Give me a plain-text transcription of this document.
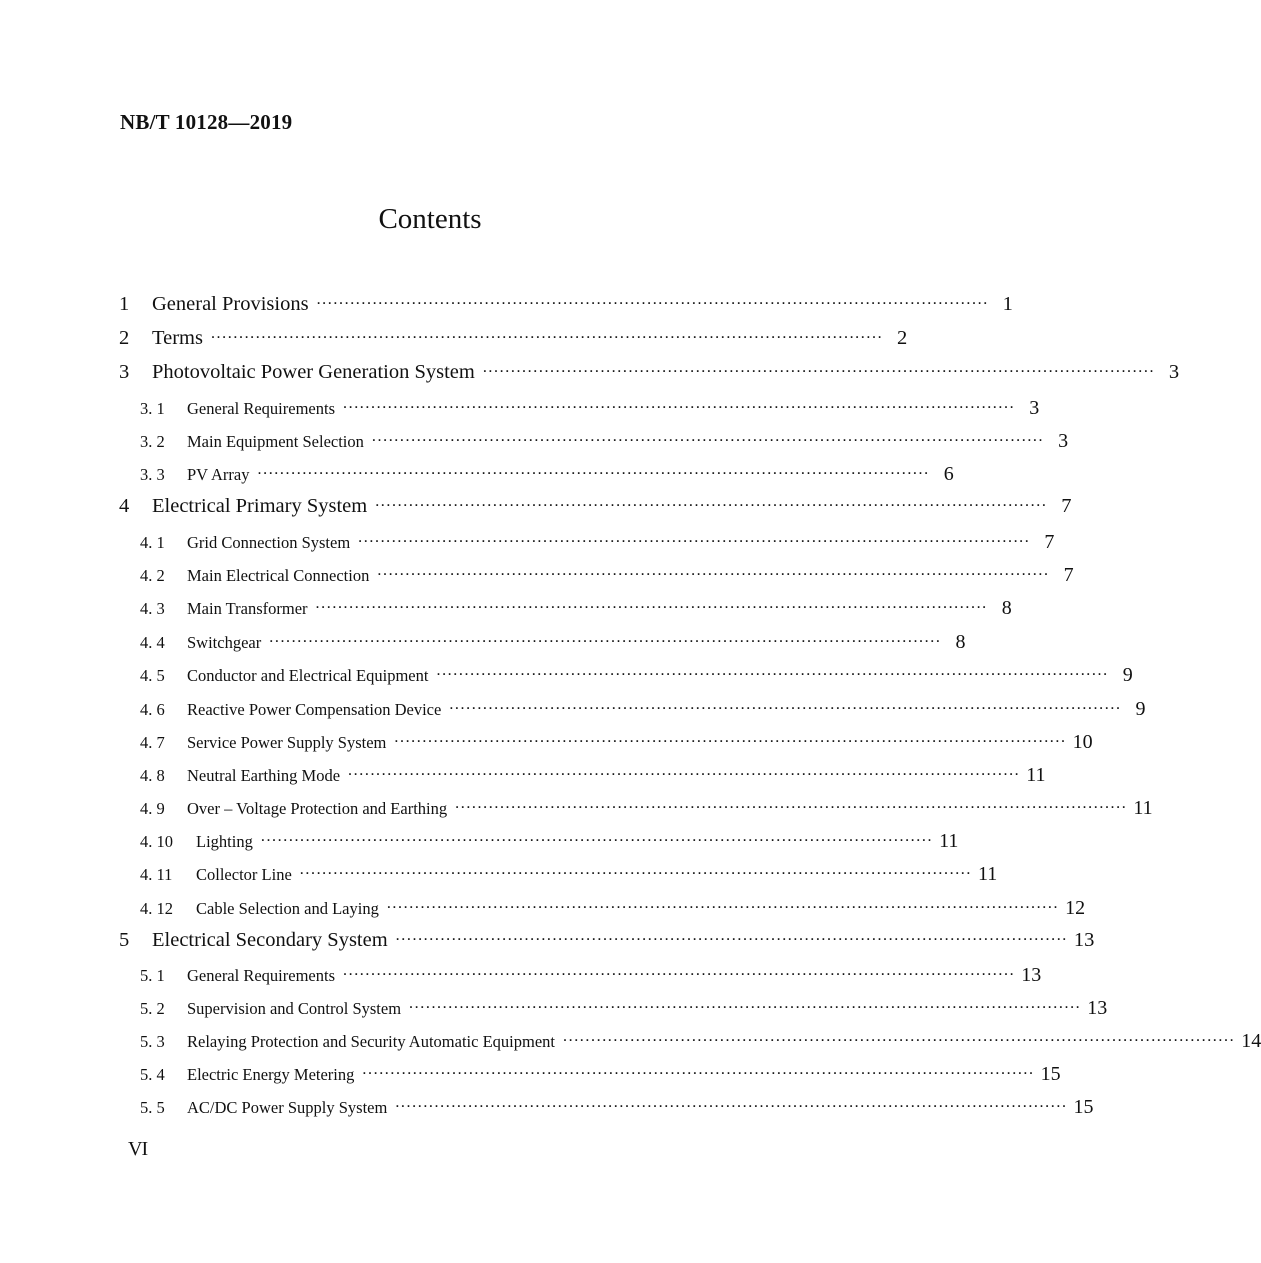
NB/T 10128—2019
Contents
1	General Provisions ························································································································ 1
2	Terms ························································································································ 2
3	Photovoltaic Power Generation System ························································································································ 3
3. 1	General Requirements ························································································································ 3
3. 2	Main Equipment Selection ························································································································ 3
3. 3	PV Array ························································································································ 6
4	Electrical Primary System ························································································································ 7
4. 1	Grid Connection System ························································································································ 7
4. 2	Main Electrical Connection ························································································································ 7
4. 3	Main Transformer ························································································································ 8
4. 4	Switchgear ························································································································ 8
4. 5	Conductor and Electrical Equipment ························································································································ 9
4. 6	Reactive Power Compensation Device ························································································································ 9
4. 7	Service Power Supply System ························································································································ 10
4. 8	Neutral Earthing Mode ························································································································ 11
4. 9	Over – Voltage Protection and Earthing ························································································································ 11
4. 10	Lighting ························································································································ 11
4. 11	Collector Line ························································································································ 11
4. 12	Cable Selection and Laying ························································································································ 12
5	Electrical Secondary System ························································································································ 13
5. 1	General Requirements ························································································································ 13
5. 2	Supervision and Control System ························································································································ 13
5. 3	Relaying Protection and Security Automatic Equipment ························································································································ 14
5. 4	Electric Energy Metering ························································································································ 15
5. 5	AC/DC Power Supply System ························································································································ 15
VI
